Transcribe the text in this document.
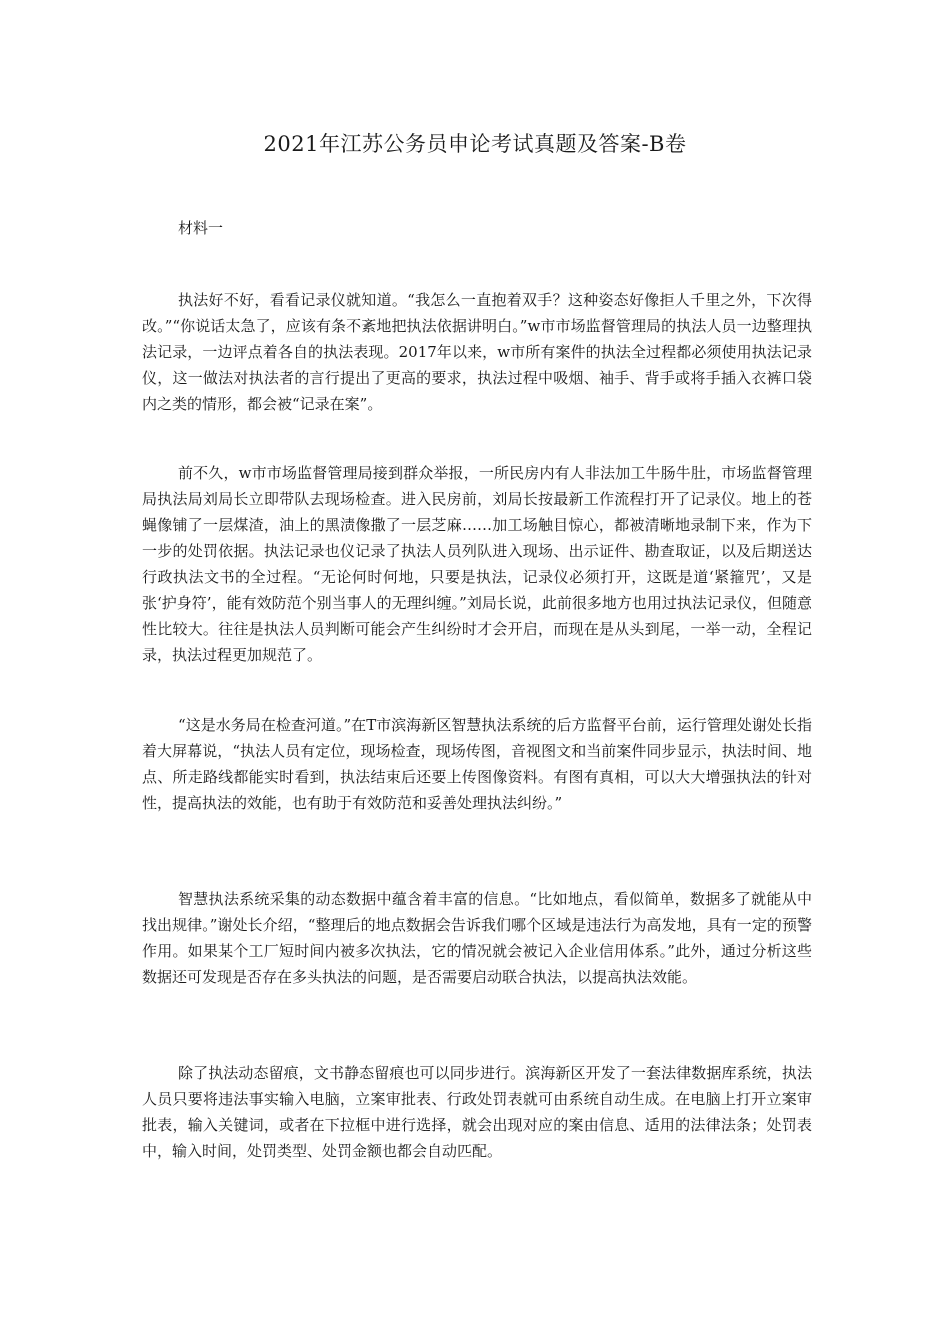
2021年江苏公务员申论考试真题及答案-B卷
材料一

执法好不好，看看记录仪就知道。“我怎么一直抱着双手？这种姿态好像拒人千里之外，下次得改。”“你说话太急了，应该有条不紊地把执法依据讲明白。”w市市场监督管理局的执法人员一边整理执法记录，一边评点着各自的执法表现。2017年以来，w市所有案件的执法全过程都必须使用执法记录仪，这一做法对执法者的言行提出了更高的要求，执法过程中吸烟、袖手、背手或将手插入衣裤口袋内之类的情形，都会被“记录在案”。

前不久，w市市场监督管理局接到群众举报，一所民房内有人非法加工牛肠牛肚，市场监督管理局执法局刘局长立即带队去现场检查。进入民房前，刘局长按最新工作流程打开了记录仪。地上的苍蝇像铺了一层煤渣，油上的黑渍像撒了一层芝麻……加工场触目惊心，都被清晰地录制下来，作为下一步的处罚依据。执法记录也仪记录了执法人员列队进入现场、出示证件、勘查取证，以及后期送达行政执法文书的全过程。“无论何时何地，只要是执法，记录仪必须打开，这既是道‘紧箍咒’，又是张‘护身符’，能有效防范个别当事人的无理纠缠。”刘局长说，此前很多地方也用过执法记录仪，但随意性比较大。往往是执法人员判断可能会产生纠纷时才会开启，而现在是从头到尾，一举一动，全程记录，执法过程更加规范了。

“这是水务局在检查河道。”在T市滨海新区智慧执法系统的后方监督平台前，运行管理处谢处长指着大屏幕说，“执法人员有定位，现场检查，现场传图，音视图文和当前案件同步显示，执法时间、地点、所走路线都能实时看到，执法结束后还要上传图像资料。有图有真相，可以大大增强执法的针对性，提高执法的效能，也有助于有效防范和妥善处理执法纠纷。”

智慧执法系统采集的动态数据中蕴含着丰富的信息。“比如地点，看似简单，数据多了就能从中找出规律。”谢处长介绍，“整理后的地点数据会告诉我们哪个区域是违法行为高发地，具有一定的预警作用。如果某个工厂短时间内被多次执法，它的情况就会被记入企业信用体系。”此外，通过分析这些数据还可发现是否存在多头执法的问题，是否需要启动联合执法，以提高执法效能。

除了执法动态留痕，文书静态留痕也可以同步进行。滨海新区开发了一套法律数据库系统，执法人员只要将违法事实输入电脑，立案审批表、行政处罚表就可由系统自动生成。在电脑上打开立案审批表，输入关键词，或者在下拉框中进行选择，就会出现对应的案由信息、适用的法律法条；处罚表中，输入时间，处罚类型、处罚金额也都会自动匹配。
